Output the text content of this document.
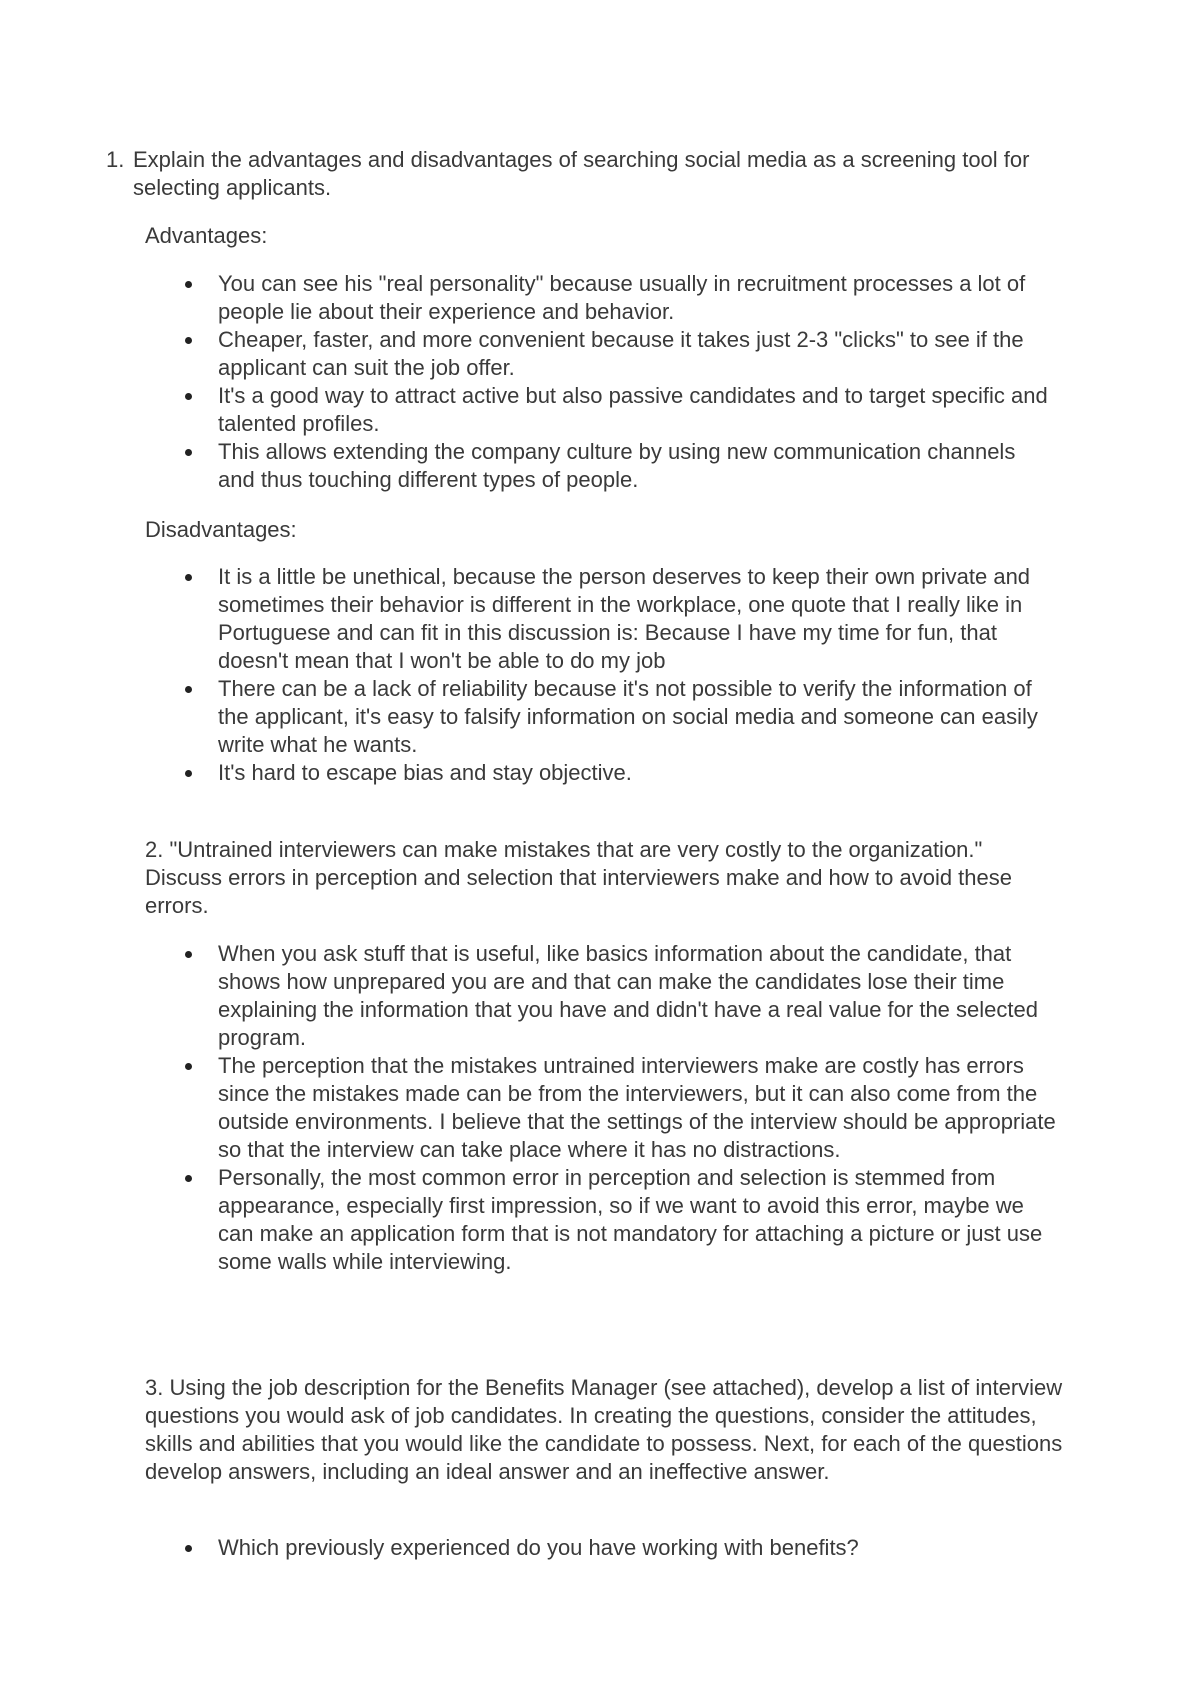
1. Explain the advantages and disadvantages of searching social media as a screening tool for selecting applicants.
Advantages:
You can see his "real personality" because usually in recruitment processes a lot of people lie about their experience and behavior.
Cheaper, faster, and more convenient because it takes just 2-3 "clicks" to see if the applicant can suit the job offer.
It's a good way to attract active but also passive candidates and to target specific and talented profiles.
This allows extending the company culture by using new communication channels and thus touching different types of people.
Disadvantages:
It is a little be unethical, because the person deserves to keep their own private and sometimes their behavior is different in the workplace, one quote that I really like in Portuguese and can fit in this discussion is: Because I have my time for fun, that doesn't mean that I won't be able to do my job
There can be a lack of reliability because it's not possible to verify the information of the applicant, it's easy to falsify information on social media and someone can easily write what he wants.
It's hard to escape bias and stay objective.
2. "Untrained interviewers can make mistakes that are very costly to the organization." Discuss errors in perception and selection that interviewers make and how to avoid these errors.
When you ask stuff that is useful, like basics information about the candidate, that shows how unprepared you are and that can make the candidates lose their time explaining the information that you have and didn't have a real value for the selected program.
The perception that the mistakes untrained interviewers make are costly has errors since the mistakes made can be from the interviewers, but it can also come from the outside environments. I believe that the settings of the interview should be appropriate so that the interview can take place where it has no distractions.
Personally, the most common error in perception and selection is stemmed from appearance, especially first impression, so if we want to avoid this error, maybe we can make an application form that is not mandatory for attaching a picture or just use some walls while interviewing.
3. Using the job description for the Benefits Manager (see attached), develop a list of interview questions you would ask of job candidates. In creating the questions, consider the attitudes, skills and abilities that you would like the candidate to possess. Next, for each of the questions develop answers, including an ideal answer and an ineffective answer.
Which previously experienced do you have working with benefits?
